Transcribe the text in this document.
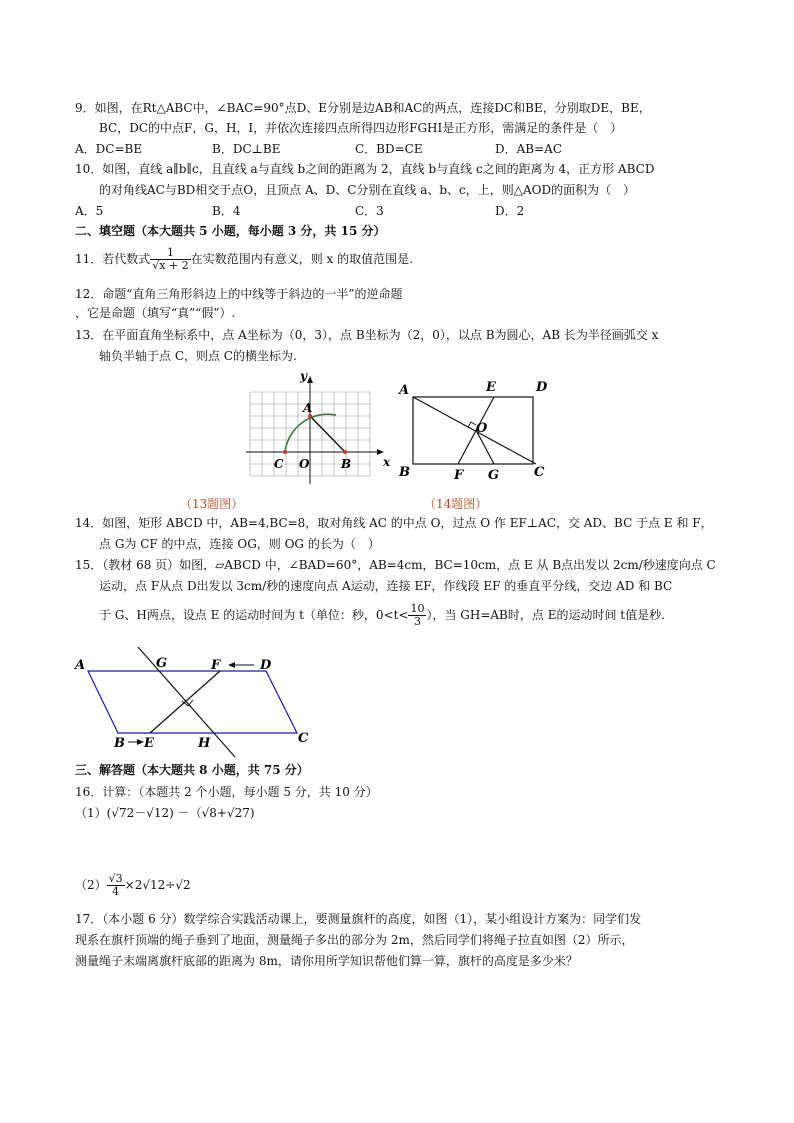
9．如图，在Rt△ABC中，∠BAC=90°点D、E分别是边AB和AC的两点，连接DC和BE，分别取DE，BE，
BC，DC的中点F，G，H，I，并依次连接四点所得四边形FGHI是正方形，需满足的条件是（　）
A．DC=BE	B．DC⊥BE	C．BD=CE	D．AB=AC
10．如图，直线 a∥b∥c，且直线 a与直线 b之间的距离为 2，直线 b与直线 c之间的距离为 4，正方形 ABCD
的对角线AC与BD相交于点O，且顶点 A、D、C分别在直线 a、b、c，上，则△AOD的面积为（　）
A．5	B．4	C．3	D．2
二、填空题（本大题共 5 小题，每小题 3 分，共 15 分）
11．若代数式 $\frac{1}{√x + 2}$ 在实数范围内有意义，则 x 的取值范围是.
12．命题“直角三角形斜边上的中线等于斜边的一半”的逆命题
，它是命题（填写“真”“假”）.
13．在平面直角坐标系中，点 A坐标为（0，3），点 B坐标为（2，0），以点 B为圆心，AB 长为半径画弧交 x
轴负半轴于点 C，则点 C的横坐标为.
y
x
A
C O	B
（13题图）
A	E	D
O
B	F G	C
（14题图）
14．如图，矩形 ABCD 中，AB=4,BC=8，取对角线 AC 的中点 O，过点 O 作 EF⊥AC，交 AD、BC 于点 E 和 F，
点 G为 CF 的中点，连接 OG，则 OG 的长为（　）
15．（教材 68 页）如图，▱ABCD 中，∠BAD=60°，AB=4cm，BC=10cm，点 E 从 B点出发以 2cm/秒速度向点 C
运动，点 F从点 D出发以 3cm/秒的速度向点 A运动，连接 EF，作线段 EF 的垂直平分线，交边 AD 和 BC
于 G、H两点，设点 E 的运动时间为 t（单位：秒，$0<t< \frac{10}{3}$ ），当 GH=AB时，点 E的运动时间 t值是秒.
A	G	F	D
B E	H	C
三、解答题（本大题共 8 小题，共 75 分）
16．计算：（本题共 2 个小题，每小题 5 分，共 10 分）
（1）(√72－√12) －（√8+√27)
$(2) \frac{√3}{4} \times 2√12\div√2$
17．（本小题 6 分）数学综合实践活动课上，要测量旗杆的高度，如图（1），某小组设计方案为：同学们发
现系在旗杆顶端的绳子垂到了地面，测量绳子多出的部分为 2m，然后同学们将绳子拉直如图（2）所示，
测量绳子末端离旗杆底部的距离为 8m，请你用所学知识帮他们算一算，旗杆的高度是多少米？
